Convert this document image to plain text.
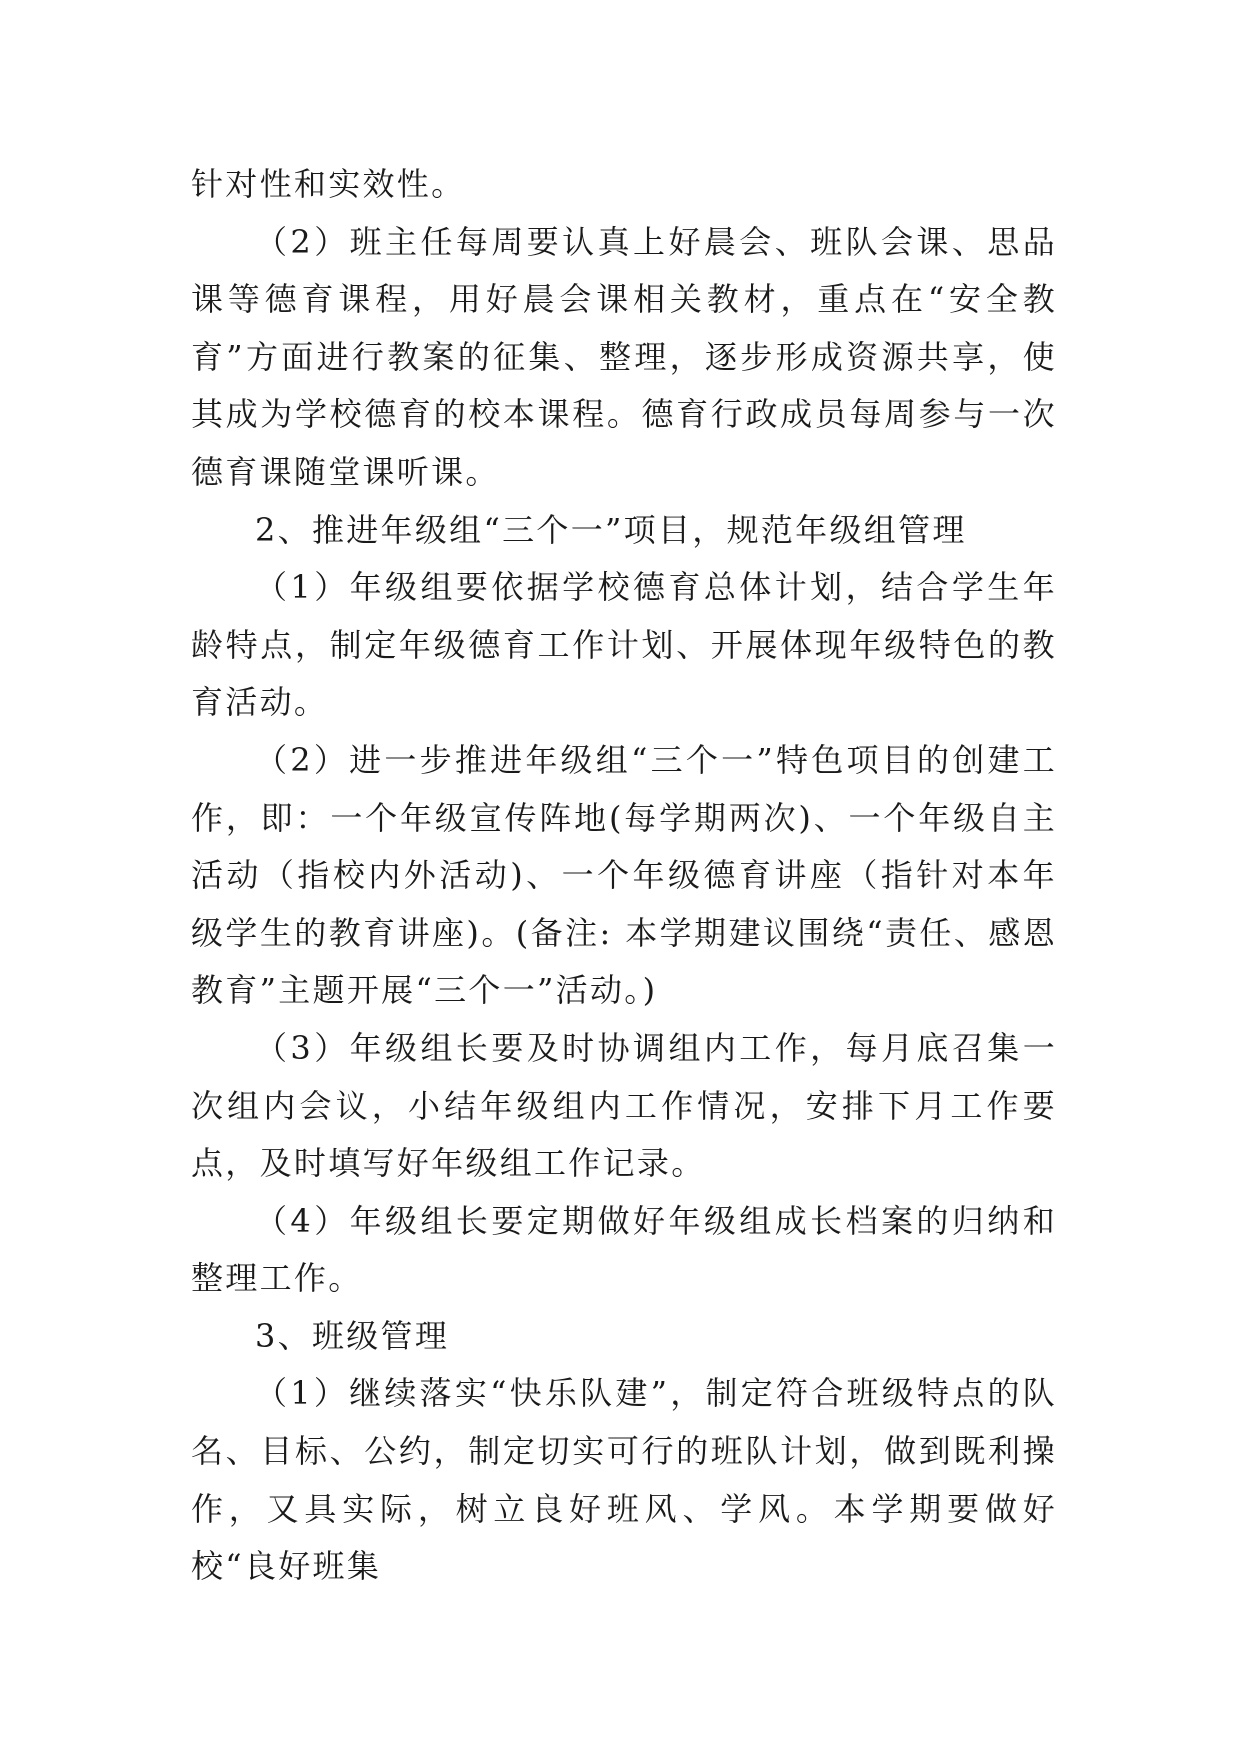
针对性和实效性。

（2）班主任每周要认真上好晨会、班队会课、思品课等德育课程，用好晨会课相关教材，重点在“安全教育”方面进行教案的征集、整理，逐步形成资源共享，使其成为学校德育的校本课程。德育行政成员每周参与一次德育课随堂课听课。

2、推进年级组“三个一”项目，规范年级组管理

（1）年级组要依据学校德育总体计划，结合学生年龄特点，制定年级德育工作计划、开展体现年级特色的教育活动。

（2）进一步推进年级组“三个一”特色项目的创建工作，即：一个年级宣传阵地(每学期两次)、一个年级自主活动（指校内外活动)、一个年级德育讲座（指针对本年级学生的教育讲座)。(备注: 本学期建议围绕“责任、感恩教育”主题开展“三个一”活动。)

（3）年级组长要及时协调组内工作，每月底召集一次组内会议，小结年级组内工作情况，安排下月工作要点，及时填写好年级组工作记录。

（4）年级组长要定期做好年级组成长档案的归纳和整理工作。

3、班级管理

（1）继续落实“快乐队建”，制定符合班级特点的队名、目标、公约，制定切实可行的班队计划，做到既利操作，又具实际，树立良好班风、学风。本学期要做好校“良好班集
